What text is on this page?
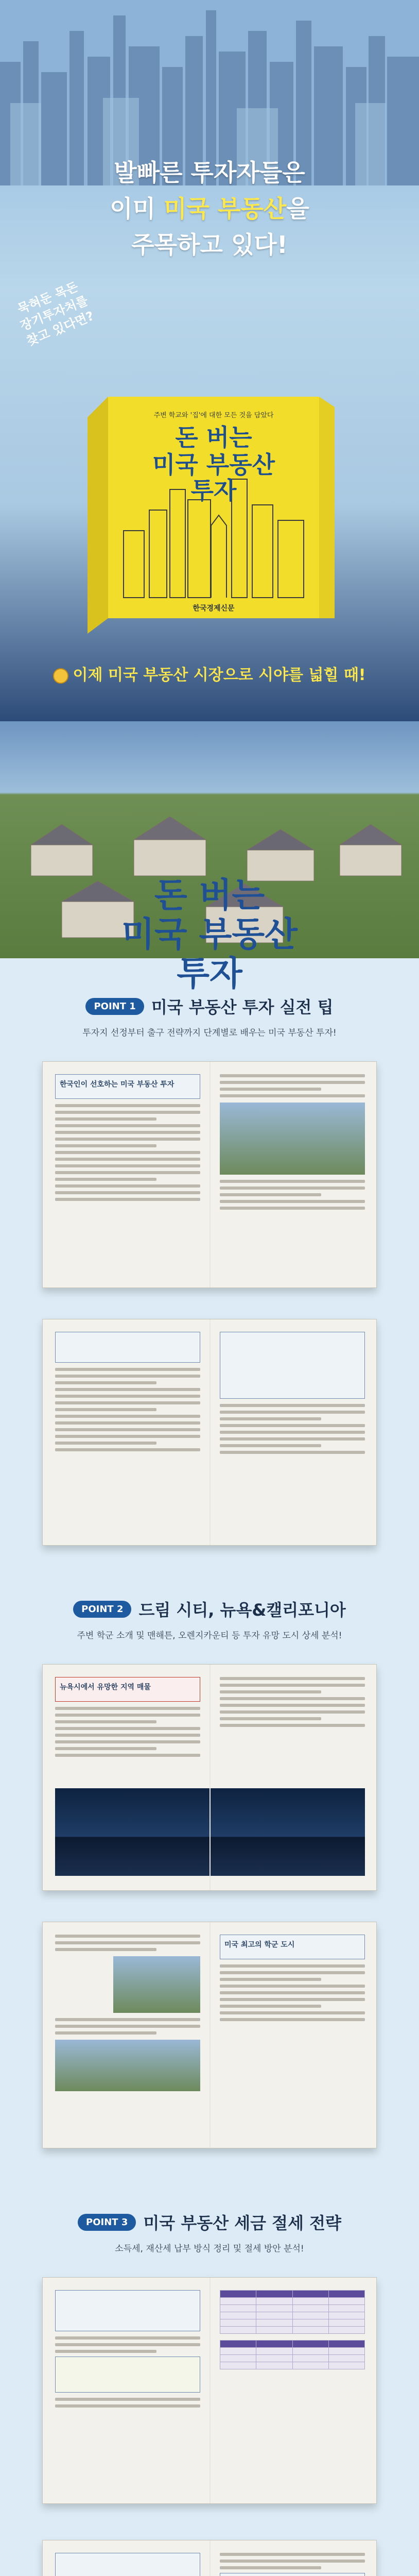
발빠른 투자자들은
이미 미국 부동산을
주목하고 있다!
묵혀둔 목돈 장기투자처를 찾고 있다면?
주변 학교와 '집'에 대한 모든 것을 담았다
돈 버는
미국 부동산
투자
한국경제신문
이제 미국 부동산 시장으로 시야를 넓힐 때!
돈 버는
미국 부동산
투자
POINT 1 미국 부동산 투자 실전 팁
투자지 선정부터 출구 전략까지 단계별로 배우는 미국 부동산 투자!
한국인이 선호하는 미국 부동산 투자
POINT 2 드림 시티, 뉴욕&캘리포니아
주변 학군 소개 및 맨해튼, 오렌지카운티 등 투자 유망 도시 상세 분석!
뉴욕시에서 유망한 지역 매물
미국 최고의 학군 도시
POINT 3 미국 부동산 세금 절세 전략
소득세, 재산세 납부 방식 정리 및 절세 방안 분석!
